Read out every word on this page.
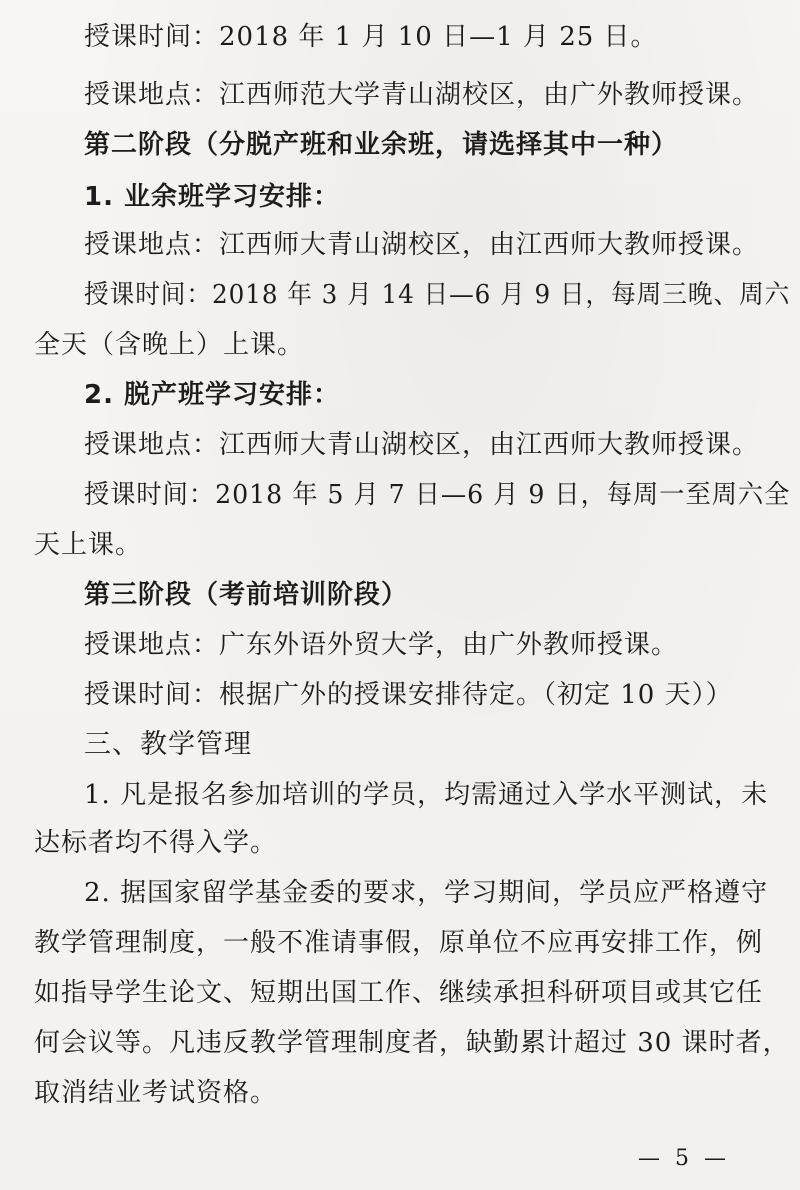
授课时间：2018 年 1 月 10 日—1 月 25 日。
授课地点：江西师范大学青山湖校区，由广外教师授课。
第二阶段（分脱产班和业余班，请选择其中一种）
1. 业余班学习安排：
授课地点：江西师大青山湖校区，由江西师大教师授课。
授课时间：2018 年 3 月 14 日—6 月 9 日，每周三晚、周六
全天（含晚上）上课。
2. 脱产班学习安排：
授课地点：江西师大青山湖校区，由江西师大教师授课。
授课时间：2018 年 5 月 7 日—6 月 9 日，每周一至周六全
天上课。
第三阶段（考前培训阶段）
授课地点：广东外语外贸大学，由广外教师授课。
授课时间：根据广外的授课安排待定。（初定 10 天））
三、教学管理
1. 凡是报名参加培训的学员，均需通过入学水平测试，未
达标者均不得入学。
2. 据国家留学基金委的要求，学习期间，学员应严格遵守
教学管理制度，一般不准请事假，原单位不应再安排工作，例
如指导学生论文、短期出国工作、继续承担科研项目或其它任
何会议等。凡违反教学管理制度者，缺勤累计超过 30 课时者，
取消结业考试资格。
— 5 —
